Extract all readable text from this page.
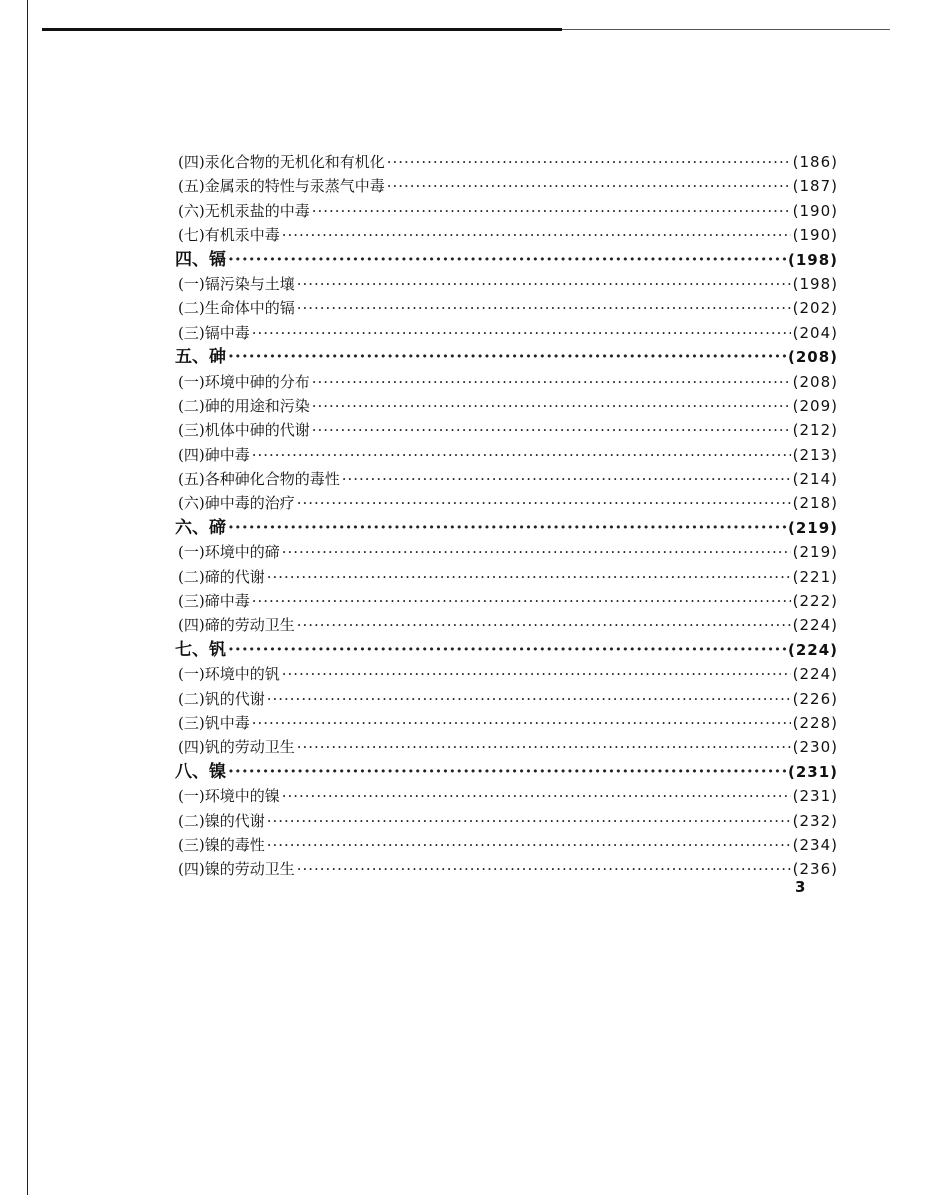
(四)汞化合物的无机化和有机化 ·····	(186)
(五)金属汞的特性与汞蒸气中毒 ·····	(187)
(六)无机汞盐的中毒 ·····	(190)
(七)有机汞中毒 ·····	(190)
四、镉 ·····	(198)
(一)镉污染与土壤 ·····	(198)
(二)生命体中的镉 ·····	(202)
(三)镉中毒 ·····	(204)
五、砷 ·····	(208)
(一)环境中砷的分布 ·····	(208)
(二)砷的用途和污染 ·····	(209)
(三)机体中砷的代谢 ·····	(212)
(四)砷中毒 ·····	(213)
(五)各种砷化合物的毒性 ·····	(214)
(六)砷中毒的治疗 ·····	(218)
六、碲 ·····	(219)
(一)环境中的碲 ·····	(219)
(二)碲的代谢 ·····	(221)
(三)碲中毒 ·····	(222)
(四)碲的劳动卫生 ·····	(224)
七、钒 ·····	(224)
(一)环境中的钒 ·····	(224)
(二)钒的代谢 ·····	(226)
(三)钒中毒 ·····	(228)
(四)钒的劳动卫生 ·····	(230)
八、镍 ·····	(231)
(一)环境中的镍 ·····	(231)
(二)镍的代谢 ·····	(232)
(三)镍的毒性 ·····	(234)
(四)镍的劳动卫生 ·····	(236)
3
